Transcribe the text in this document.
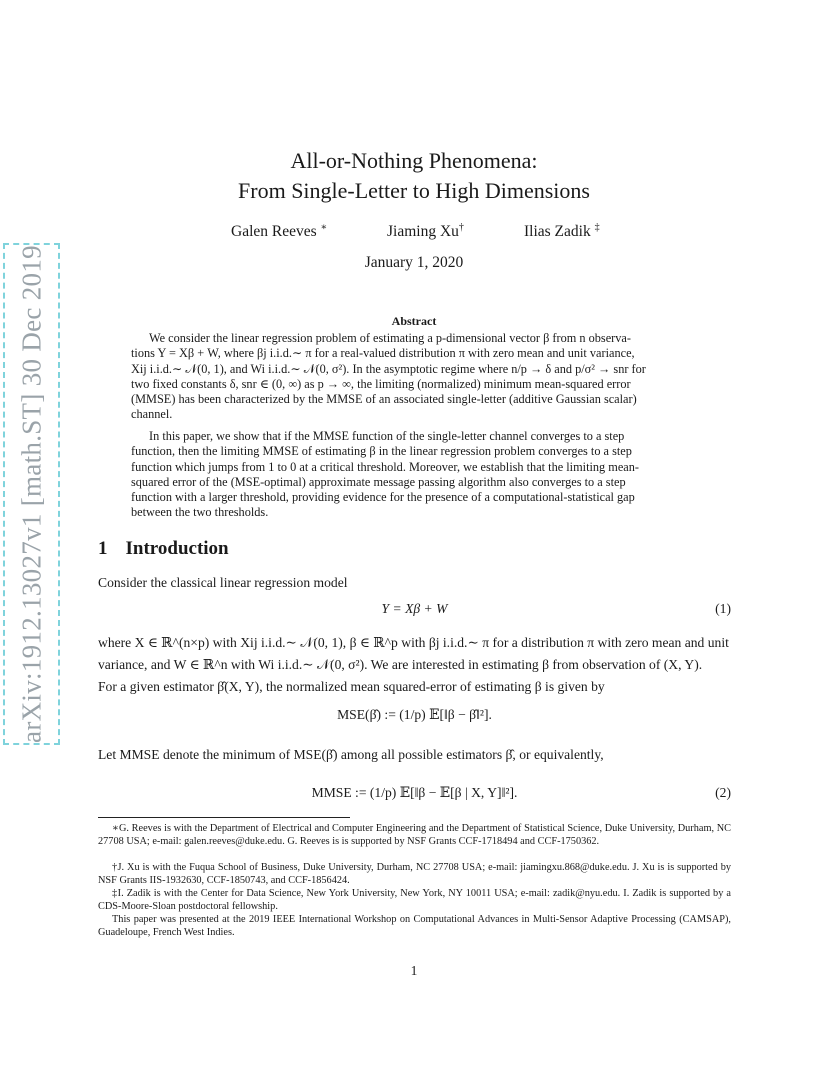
arXiv:1912.13027v1 [math.ST] 30 Dec 2019
All-or-Nothing Phenomena:
From Single-Letter to High Dimensions
Galen Reeves ∗	Jiaming Xu†	Ilias Zadik ‡
January 1, 2020
Abstract
We consider the linear regression problem of estimating a p-dimensional vector β from n observa-
tions Y = Xβ + W, where βj i.i.d.∼ π for a real-valued distribution π with zero mean and unit variance,
Xij i.i.d.∼ 𝒩(0, 1), and Wi i.i.d.∼ 𝒩(0, σ²). In the asymptotic regime where n/p → δ and p/σ² → snr for
two fixed constants δ, snr ∈ (0, ∞) as p → ∞, the limiting (normalized) minimum mean-squared error
(MMSE) has been characterized by the MMSE of an associated single-letter (additive Gaussian scalar)
channel.
In this paper, we show that if the MMSE function of the single-letter channel converges to a step
function, then the limiting MMSE of estimating β in the linear regression problem converges to a step
function which jumps from 1 to 0 at a critical threshold. Moreover, we establish that the limiting mean-
squared error of the (MSE-optimal) approximate message passing algorithm also converges to a step
function with a larger threshold, providing evidence for the presence of a computational-statistical gap
between the two thresholds.
1 Introduction
Consider the classical linear regression model
Y = Xβ + W	(1)
where X ∈ ℝ^(n×p) with Xij i.i.d.∼ 𝒩(0, 1), β ∈ ℝ^p with βj i.i.d.∼ π for a distribution π with zero mean and unit
variance, and W ∈ ℝ^n with Wi i.i.d.∼ 𝒩(0, σ²). We are interested in estimating β from observation of (X, Y).
For a given estimator β̂(X, Y), the normalized mean squared-error of estimating β is given by
MSE(β̂) := (1/p) 𝔼[‖β − β̂‖²].
Let MMSE denote the minimum of MSE(β̂) among all possible estimators β̂, or equivalently,
MMSE := (1/p) 𝔼[‖β − 𝔼[β | X, Y]‖²].	(2)
∗G. Reeves is with the Department of Electrical and Computer Engineering and the Department of Statistical Science, Duke University, Durham, NC 27708 USA; e-mail: galen.reeves@duke.edu. G. Reeves is is supported by NSF Grants CCF-1718494 and CCF-1750362.
†J. Xu is with the Fuqua School of Business, Duke University, Durham, NC 27708 USA; e-mail: jiamingxu.868@duke.edu. J. Xu is is supported by NSF Grants IIS-1932630, CCF-1850743, and CCF-1856424.
‡I. Zadik is with the Center for Data Science, New York University, New York, NY 10011 USA; e-mail: zadik@nyu.edu. I. Zadik is supported by a CDS-Moore-Sloan postdoctoral fellowship.
This paper was presented at the 2019 IEEE International Workshop on Computational Advances in Multi-Sensor Adaptive Processing (CAMSAP), Guadeloupe, French West Indies.
1
